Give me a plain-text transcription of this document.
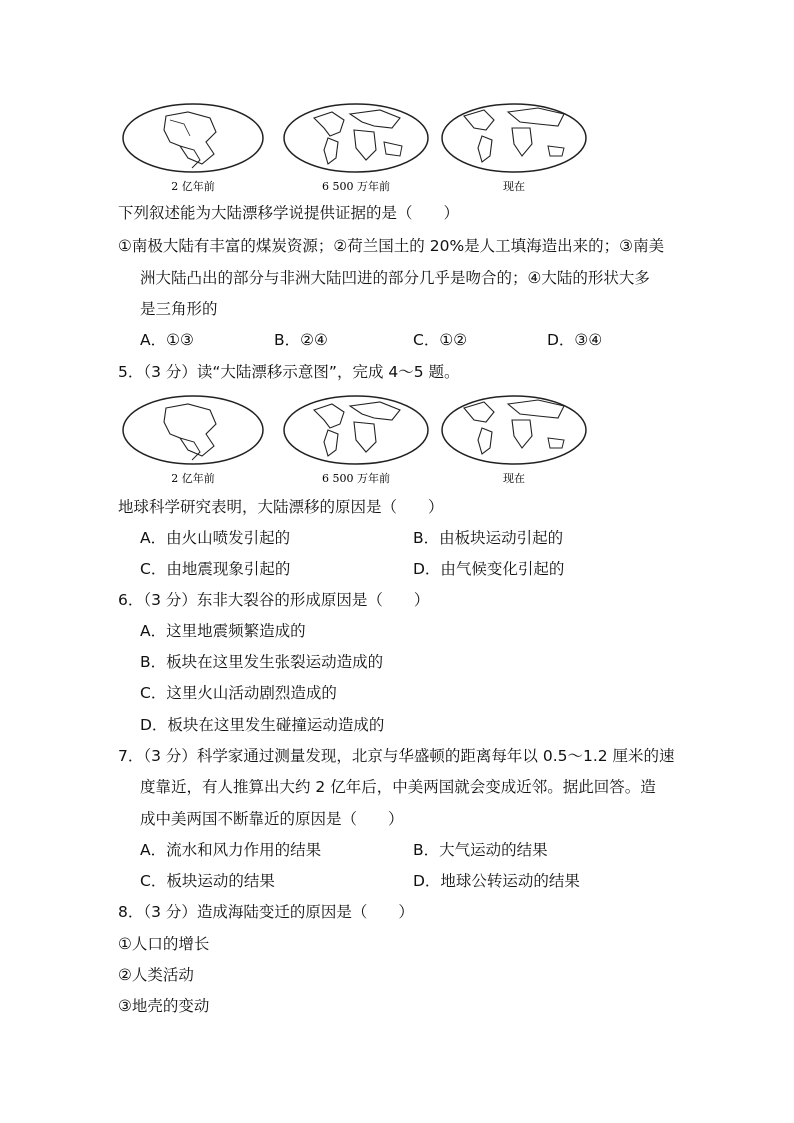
2 亿年前	6 500 万年前	现在
下列叙述能为大陆漂移学说提供证据的是（　　）
①南极大陆有丰富的煤炭资源；②荷兰国土的 20%是人工填海造出来的；③南美
洲大陆凸出的部分与非洲大陆凹进的部分几乎是吻合的；④大陆的形状大多
是三角形的
A．①③	B．②④	C．①②	D．③④
5．（3 分）读“大陆漂移示意图”，完成 4～5 题。
2 亿年前	6 500 万年前	现在
地球科学研究表明，大陆漂移的原因是（　　）
A．由火山喷发引起的	B．由板块运动引起的
C．由地震现象引起的	D．由气候变化引起的
6．（3 分）东非大裂谷的形成原因是（　　）
A．这里地震频繁造成的
B．板块在这里发生张裂运动造成的
C．这里火山活动剧烈造成的
D．板块在这里发生碰撞运动造成的
7．（3 分）科学家通过测量发现，北京与华盛顿的距离每年以 0.5～1.2 厘米的速
度靠近，有人推算出大约 2 亿年后，中美两国就会变成近邻。据此回答。造
成中美两国不断靠近的原因是（　　）
A．流水和风力作用的结果	B．大气运动的结果
C．板块运动的结果	D．地球公转运动的结果
8．（3 分）造成海陆变迁的原因是（　　）
①人口的增长
②人类活动
③地壳的变动
